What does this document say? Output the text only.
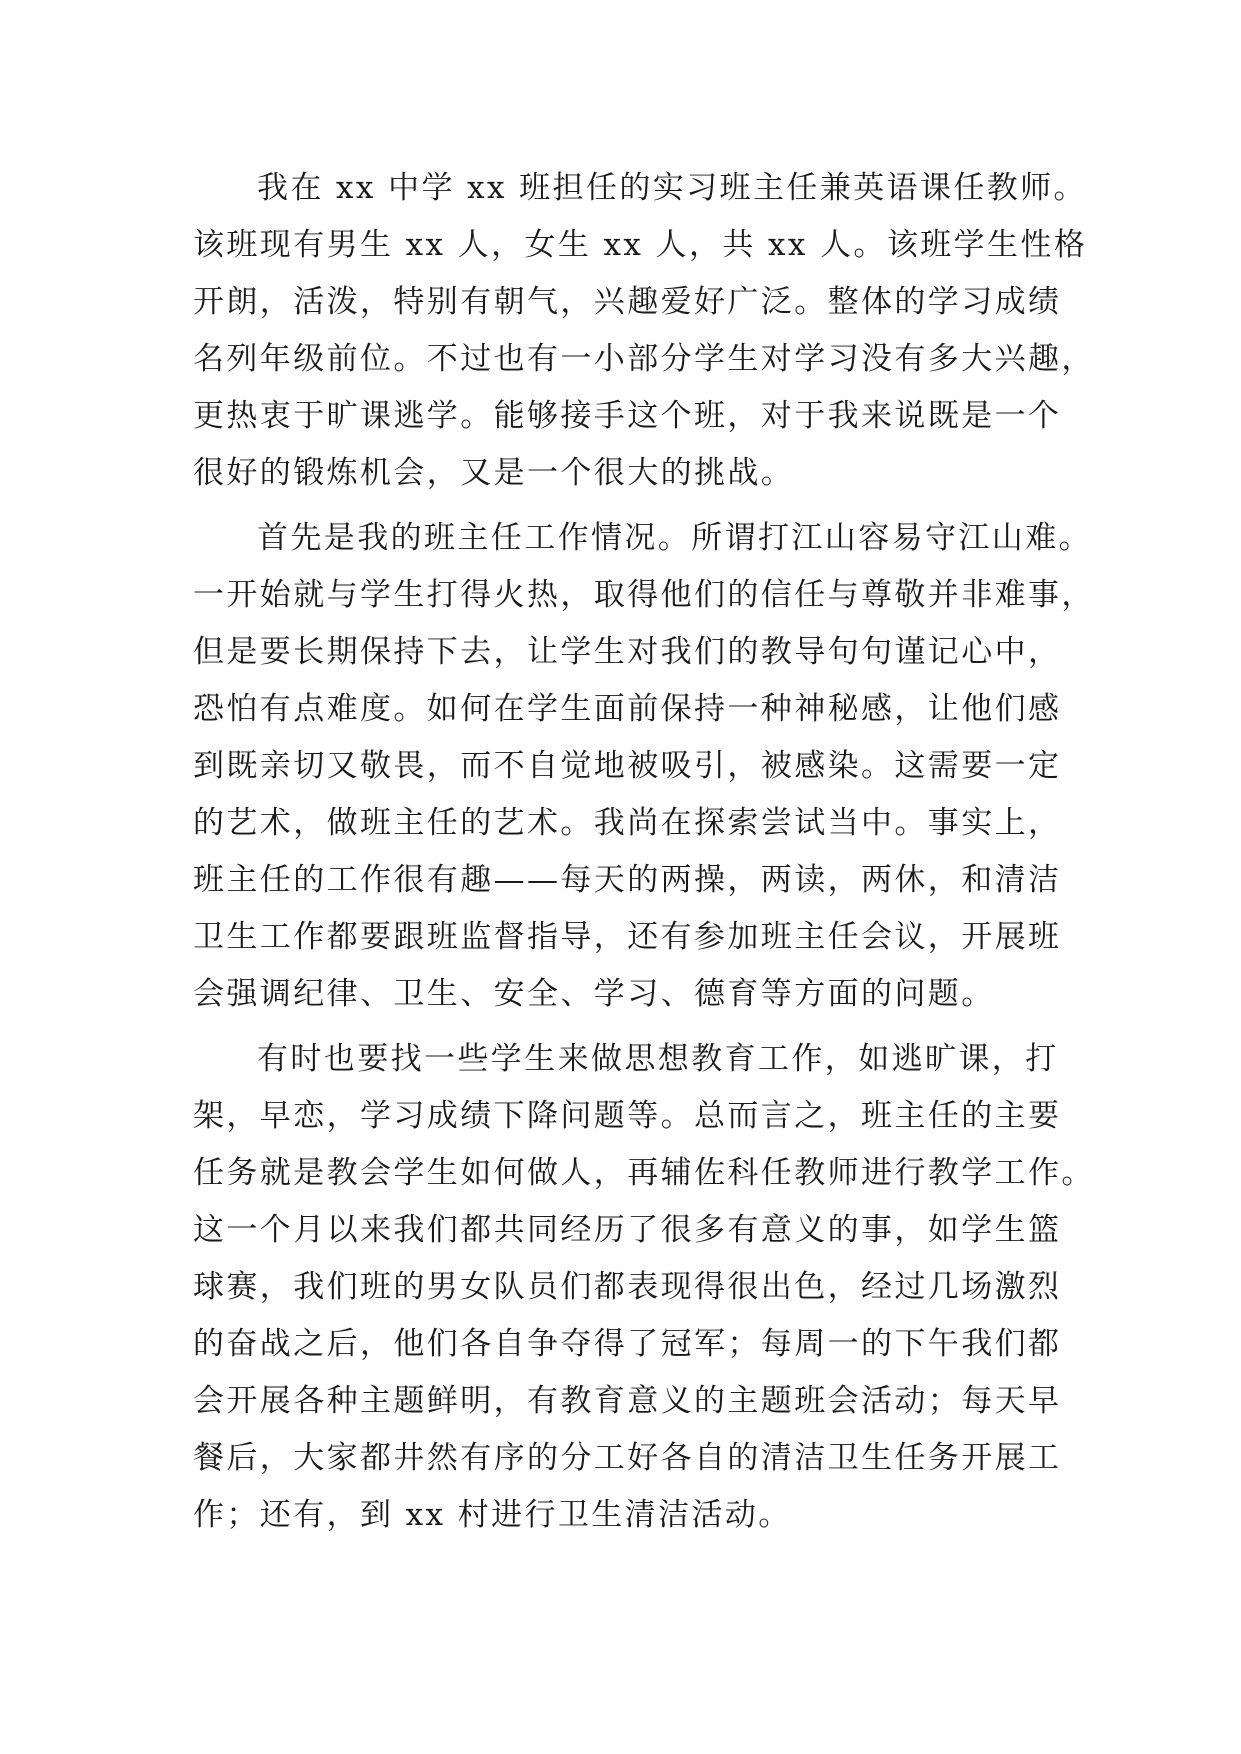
我在 xx 中学 xx 班担任的实习班主任兼英语课任教师。
该班现有男生 xx 人，女生 xx 人，共 xx 人。该班学生性格
开朗，活泼，特别有朝气，兴趣爱好广泛。整体的学习成绩
名列年级前位。不过也有一小部分学生对学习没有多大兴趣，
更热衷于旷课逃学。能够接手这个班，对于我来说既是一个
很好的锻炼机会，又是一个很大的挑战。
首先是我的班主任工作情况。所谓打江山容易守江山难。
一开始就与学生打得火热，取得他们的信任与尊敬并非难事，
但是要长期保持下去，让学生对我们的教导句句谨记心中，
恐怕有点难度。如何在学生面前保持一种神秘感，让他们感
到既亲切又敬畏，而不自觉地被吸引，被感染。这需要一定
的艺术，做班主任的艺术。我尚在探索尝试当中。事实上，
班主任的工作很有趣——每天的两操，两读，两休，和清洁
卫生工作都要跟班监督指导，还有参加班主任会议，开展班
会强调纪律、卫生、安全、学习、德育等方面的问题。
有时也要找一些学生来做思想教育工作，如逃旷课，打
架，早恋，学习成绩下降问题等。总而言之，班主任的主要
任务就是教会学生如何做人，再辅佐科任教师进行教学工作。
这一个月以来我们都共同经历了很多有意义的事，如学生篮
球赛，我们班的男女队员们都表现得很出色，经过几场激烈
的奋战之后，他们各自争夺得了冠军；每周一的下午我们都
会开展各种主题鲜明，有教育意义的主题班会活动；每天早
餐后，大家都井然有序的分工好各自的清洁卫生任务开展工
作；还有，到 xx 村进行卫生清洁活动。
